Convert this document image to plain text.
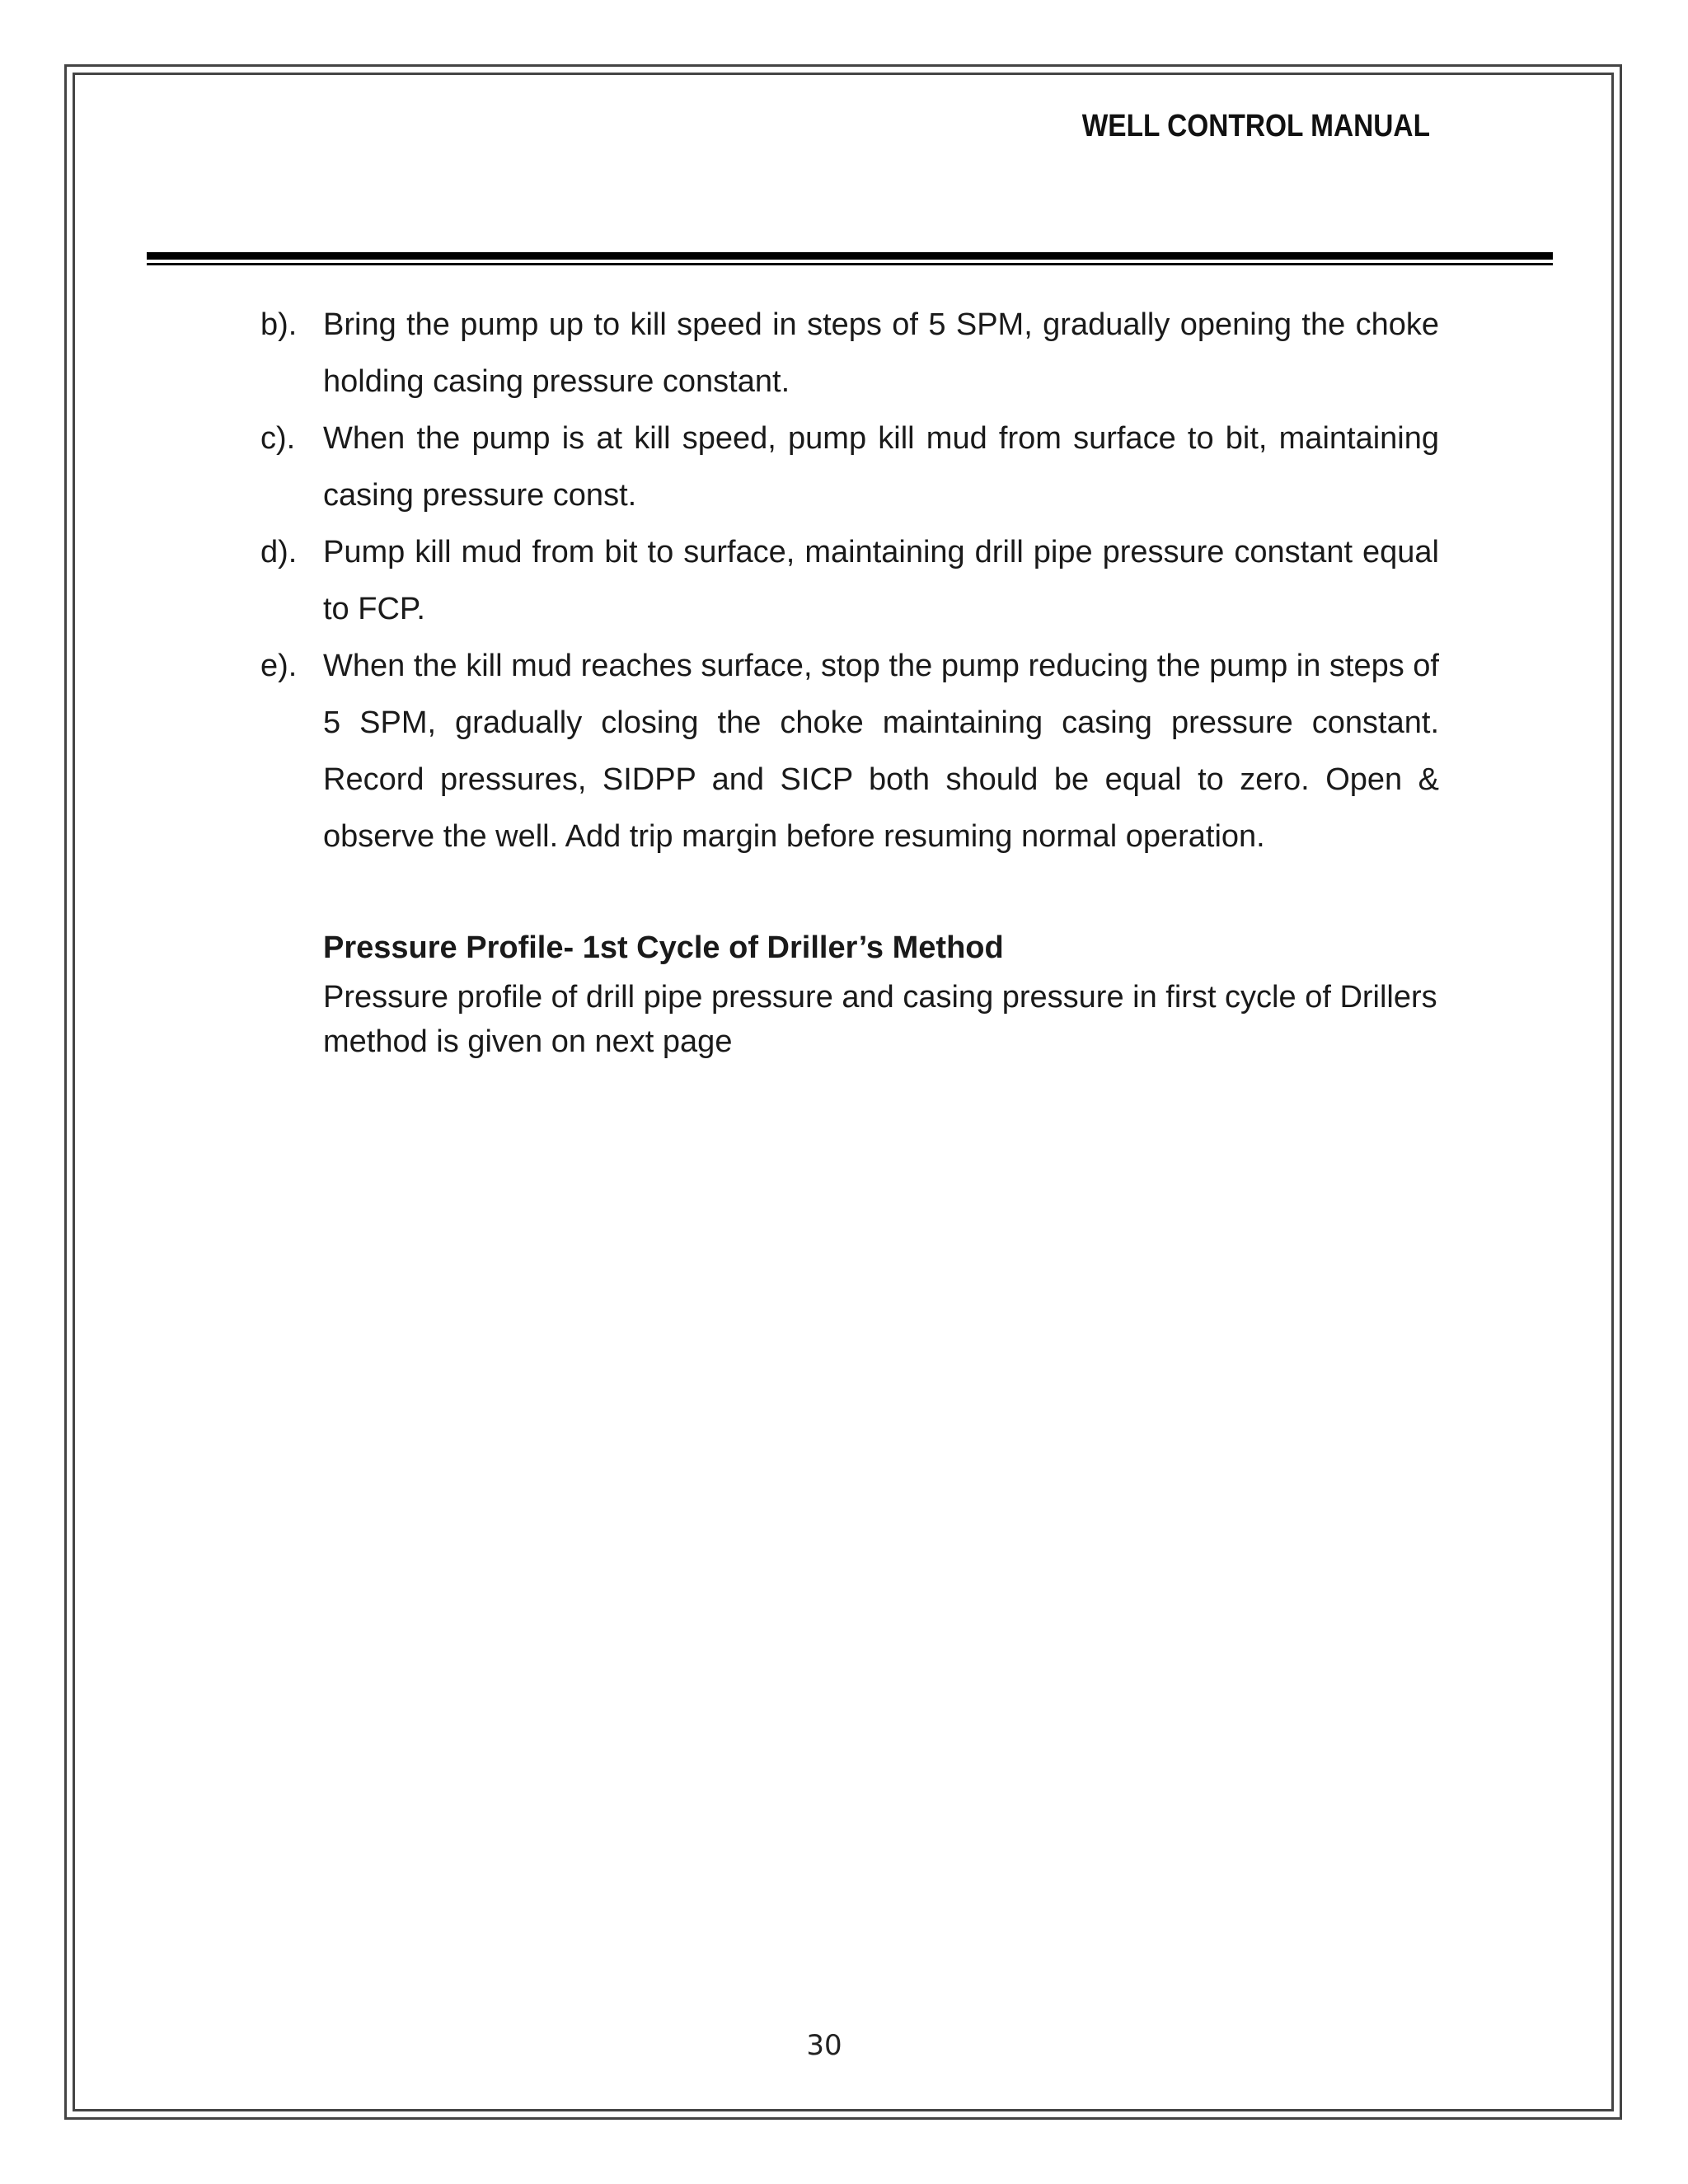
WELL CONTROL MANUAL
b). Bring the pump up to kill speed in steps of 5 SPM, gradually opening the choke holding casing pressure constant.
c). When the pump is at kill speed, pump kill mud from surface to bit, maintaining   casing pressure const.
d). Pump kill mud from bit to surface, maintaining drill pipe pressure constant equal to FCP.
e). When the kill mud reaches surface, stop the pump reducing the pump in steps of 5 SPM, gradually closing the choke maintaining casing pressure constant. Record pressures, SIDPP and SICP both should be equal to zero. Open & observe the well. Add trip margin before resuming normal operation.

Pressure Profile- 1st Cycle of Driller’s Method

Pressure profile of drill pipe pressure and casing pressure in first cycle of Drillers method is given on next page

30
